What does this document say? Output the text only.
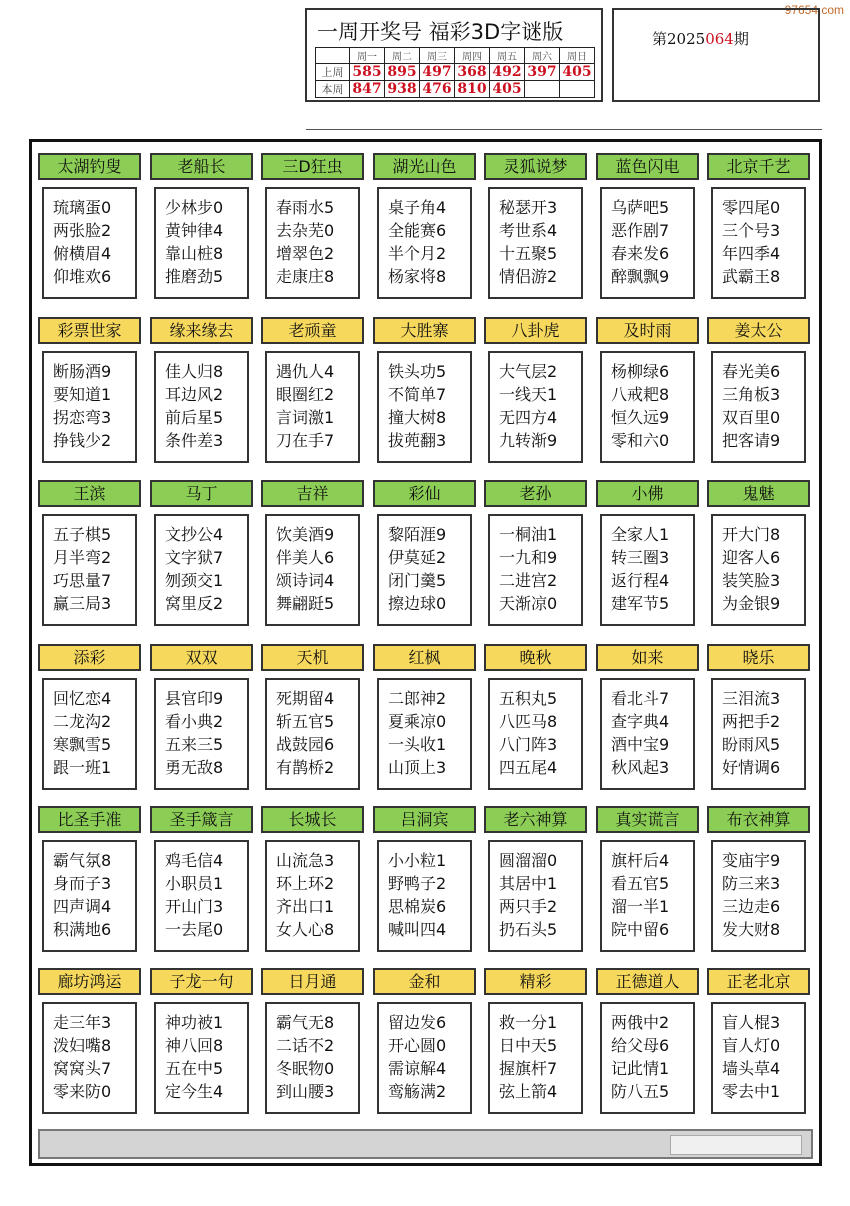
97654.com
一周开奖号 福彩3D字谜版
	周一	周二	周三	周四	周五	周六	周日
上周	585	895	497	368	492	397	405
本周	847	938	476	810	405		
第2025064期
太湖钓叟
琉璃蛋0
两张脸2
俯横眉4
仰堆欢6
老船长
少林步0
黄钟律4
靠山桩8
推磨劲5
三D狂虫
春雨水5
去杂芜0
增翠色2
走康庄8
湖光山色
桌子角4
全能赛6
半个月2
杨家将8
灵狐说梦
秘瑟开3
考世系4
十五聚5
情侣游2
蓝色闪电
乌萨吧5
恶作剧7
春来发6
醉飘飘9
北京千艺
零四尾0
三个号3
年四季4
武霸王8
彩票世家
断肠酒9
要知道1
拐恋弯3
挣钱少2
缘来缘去
佳人归8
耳边风2
前后星5
条件差3
老顽童
遇仇人4
眼圈红2
言词激1
刀在手7
大胜寨
铁头功5
不简单7
撞大树8
拔蔸翻3
八卦虎
大气层2
一线天1
无四方4
九转渐9
及时雨
杨柳绿6
八戒耙8
恒久远9
零和六0
姜太公
春光美6
三角板3
双百里0
把客请9
王滨
五子棋5
月半弯2
巧思量7
赢三局3
马丁
文抄公4
文字狱7
刎颈交1
窝里反2
吉祥
饮美酒9
伴美人6
颂诗词4
舞翩跹5
彩仙
黎陌涯9
伊莫延2
闭门羹5
擦边球0
老孙
一桐油1
一九和9
二进宫2
天渐凉0
小佛
全家人1
转三圈3
返行程4
建军节5
鬼魅
开大门8
迎客人6
装笑脸3
为金银9
添彩
回忆恋4
二龙沟2
寒飘雪5
跟一班1
双双
县官印9
看小典2
五来三5
勇无敌8
天机
死期留4
斩五官5
战鼓园6
有鹊桥2
红枫
二郎神2
夏乘凉0
一头收1
山顶上3
晚秋
五积丸5
八匹马8
八门阵3
四五尾4
如来
看北斗7
查字典4
酒中宝9
秋风起3
晓乐
三泪流3
两把手2
盼雨风5
好情调6
比圣手准
霸气氛8
身而子3
四声调4
积满地6
圣手箴言
鸡毛信4
小职员1
开山门3
一去尾0
长城长
山流急3
环上环2
齐出口1
女人心8
吕洞宾
小小粒1
野鸭子2
思棉炭6
喊叫四4
老六神算
圆溜溜0
其居中1
两只手2
扔石头5
真实谎言
旗杆后4
看五官5
溜一半1
院中留6
布衣神算
变庙宇9
防三来3
三边走6
发大财8
廊坊鸿运
走三年3
泼妇嘴8
窝窝头7
零来防0
子龙一句
神功被1
神八回8
五在中5
定今生4
日月通
霸气无8
二话不2
冬眠物0
到山腰3
金和
留边发6
开心圆0
需谅解4
鸾觞满2
精彩
救一分1
日中天5
握旗杆7
弦上箭4
正德道人
两俄中2
给父母6
记此情1
防八五5
正老北京
盲人棍3
盲人灯0
墙头草4
零去中1
